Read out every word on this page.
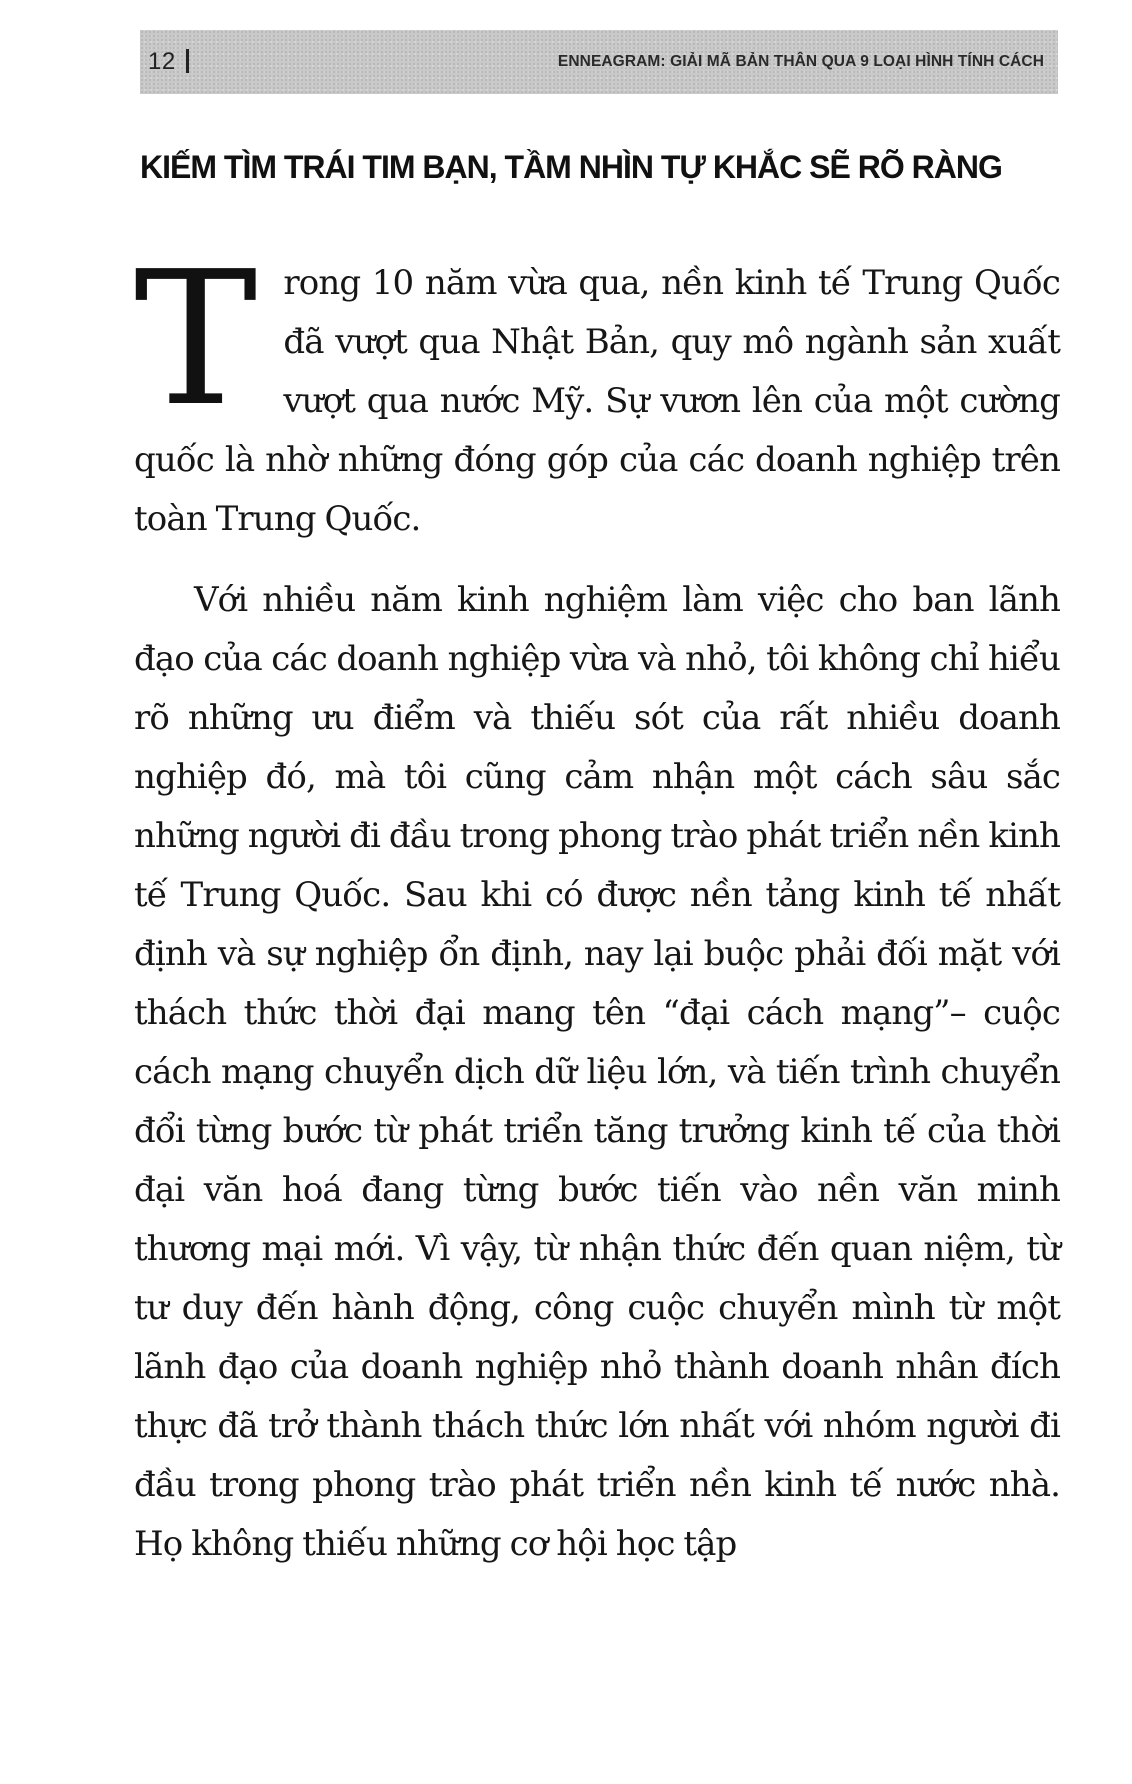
12	ENNEAGRAM: GIẢI MÃ BẢN THÂN QUA 9 LOẠI HÌNH TÍNH CÁCH
KIẾM TÌM TRÁI TIM BẠN, TẦM NHÌN TỰ KHẮC SẼ RÕ RÀNG

Trong 10 năm vừa qua, nền kinh tế Trung Quốc đã vượt qua Nhật Bản, quy mô ngành sản xuất vượt qua nước Mỹ. Sự vươn lên của một cường quốc là nhờ những đóng góp của các doanh nghiệp trên toàn Trung Quốc.

Với nhiều năm kinh nghiệm làm việc cho ban lãnh đạo của các doanh nghiệp vừa và nhỏ, tôi không chỉ hiểu rõ những ưu điểm và thiếu sót của rất nhiều doanh nghiệp đó, mà tôi cũng cảm nhận một cách sâu sắc những người đi đầu trong phong trào phát triển nền kinh tế Trung Quốc. Sau khi có được nền tảng kinh tế nhất định và sự nghiệp ổn định, nay lại buộc phải đối mặt với thách thức thời đại mang tên “đại cách mạng”– cuộc cách mạng chuyển dịch dữ liệu lớn, và tiến trình chuyển đổi từng bước từ phát triển tăng trưởng kinh tế của thời đại văn hoá đang từng bước tiến vào nền văn minh thương mại mới. Vì vậy, từ nhận thức đến quan niệm, từ tư duy đến hành động, công cuộc chuyển mình từ một lãnh đạo của doanh nghiệp nhỏ thành doanh nhân đích thực đã trở thành thách thức lớn nhất với nhóm người đi đầu trong phong trào phát triển nền kinh tế nước nhà. Họ không thiếu những cơ hội học tập
